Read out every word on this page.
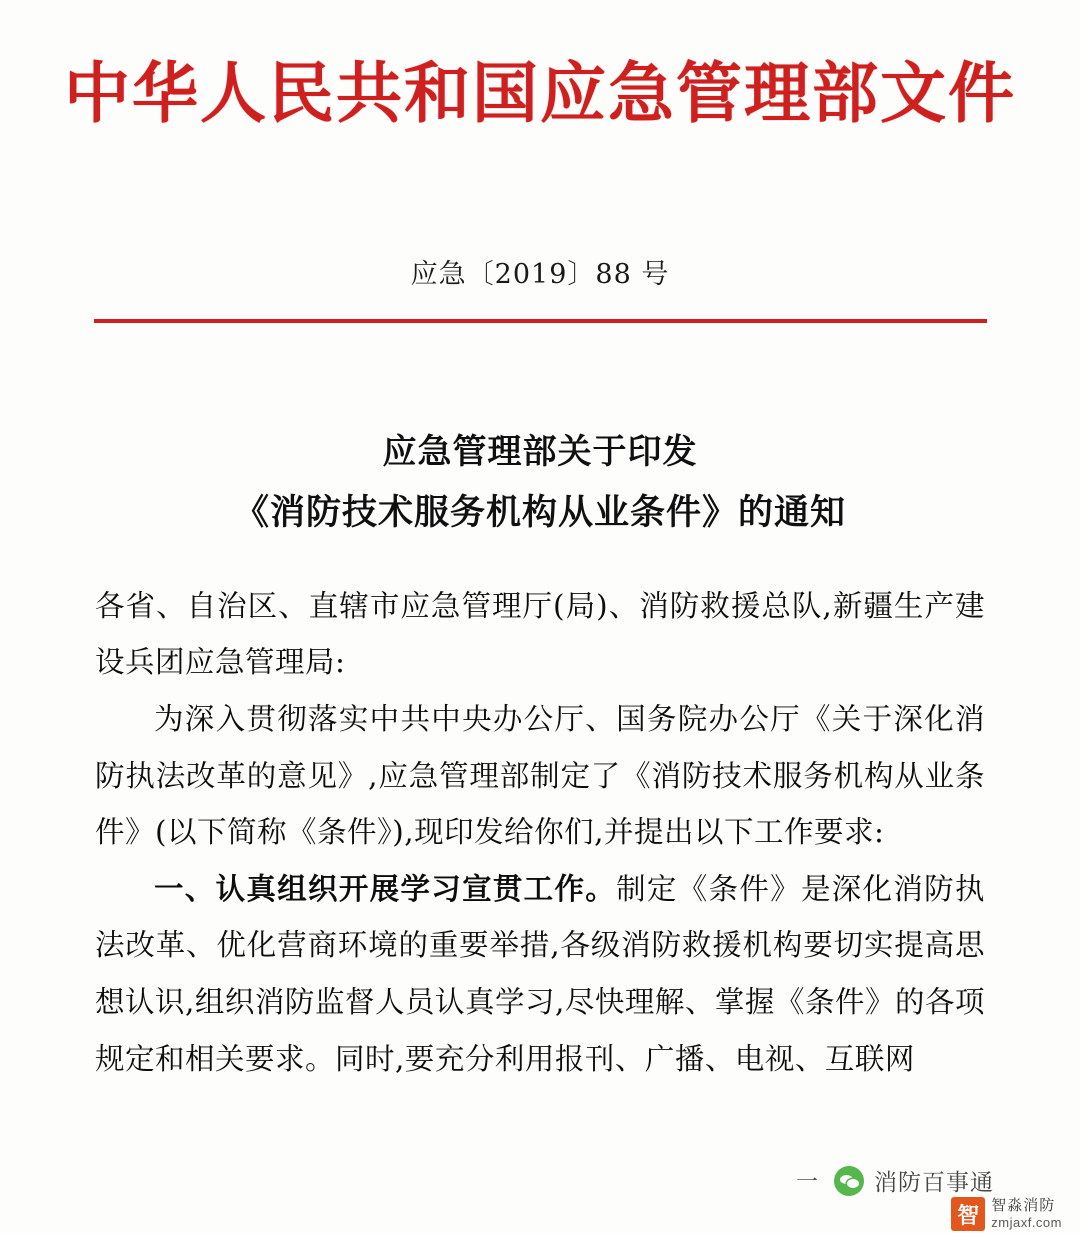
中华人民共和国应急管理部文件
应急〔2019〕88 号
应急管理部关于印发
《消防技术服务机构从业条件》的通知

各省、自治区、直辖市应急管理厅(局)、消防救援总队,新疆生产建设兵团应急管理局:

为深入贯彻落实中共中央办公厅、国务院办公厅《关于深化消防执法改革的意见》,应急管理部制定了《消防技术服务机构从业条件》(以下简称《条件》),现印发给你们,并提出以下工作要求:

一、认真组织开展学习宣贯工作。制定《条件》是深化消防执法改革、优化营商环境的重要举措,各级消防救援机构要切实提高思想认识,组织消防监督人员认真学习,尽快理解、掌握《条件》的各项规定和相关要求。同时,要充分利用报刊、广播、电视、互联网

一 消防百事通
智 智淼消防
zmjaxf.com
